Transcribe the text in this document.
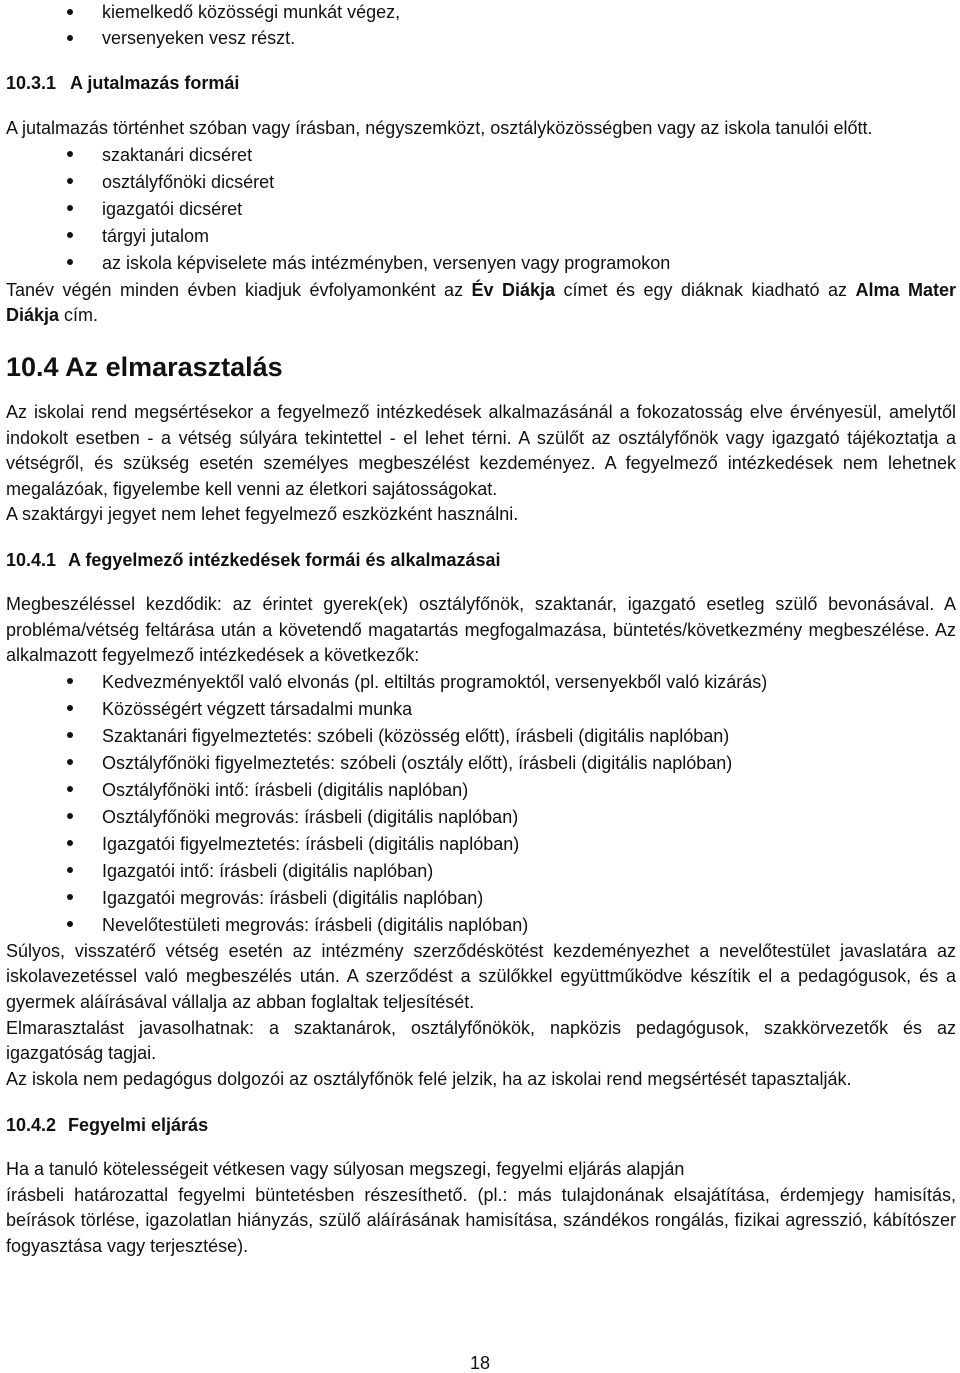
kiemelkedő közösségi munkát végez,
versenyeken vesz részt.
10.3.1 A jutalmazás formái

A jutalmazás történhet szóban vagy írásban, négyszemközt, osztályközösségben vagy az iskola tanulói előtt.

szaktanári dicséret
osztályfőnöki dicséret
igazgatói dicséret
tárgyi jutalom
az iskola képviselete más intézményben, versenyen vagy programokon

Tanév végén minden évben kiadjuk évfolyamonként az Év Diákja címet és egy diáknak kiadható az Alma Mater Diákja cím.

10.4 Az elmarasztalás

Az iskolai rend megsértésekor a fegyelmező intézkedések alkalmazásánál a fokozatosság elve érvényesül, amelytől indokolt esetben - a vétség súlyára tekintettel - el lehet térni. A szülőt az osztályfőnök vagy igazgató tájékoztatja a vétségről, és szükség esetén személyes megbeszélést kezdeményez. A fegyelmező intézkedések nem lehetnek megalázóak, figyelembe kell venni az életkori sajátosságokat.

A szaktárgyi jegyet nem lehet fegyelmező eszközként használni.

10.4.1 A fegyelmező intézkedések formái és alkalmazásai

Megbeszéléssel kezdődik: az érintet gyerek(ek) osztályfőnök, szaktanár, igazgató esetleg szülő bevonásával. A probléma/vétség feltárása után a követendő magatartás megfogalmazása, büntetés/következmény megbeszélése. Az alkalmazott fegyelmező intézkedések a következők:

Kedvezményektől való elvonás (pl. eltiltás programoktól, versenyekből való kizárás)
Közösségért végzett társadalmi munka
Szaktanári figyelmeztetés: szóbeli (közösség előtt), írásbeli (digitális naplóban)
Osztályfőnöki figyelmeztetés: szóbeli (osztály előtt), írásbeli (digitális naplóban)
Osztályfőnöki intő: írásbeli (digitális naplóban)
Osztályfőnöki megrovás: írásbeli (digitális naplóban)
Igazgatói figyelmeztetés: írásbeli (digitális naplóban)
Igazgatói intő: írásbeli (digitális naplóban)
Igazgatói megrovás: írásbeli (digitális naplóban)
Nevelőtestületi megrovás: írásbeli (digitális naplóban)

Súlyos, visszatérő vétség esetén az intézmény szerződéskötést kezdeményezhet a nevelőtestület javaslatára az iskolavezetéssel való megbeszélés után. A szerződést a szülőkkel együttműködve készítik el a pedagógusok, és a gyermek aláírásával vállalja az abban foglaltak teljesítését.

Elmarasztalást javasolhatnak: a szaktanárok, osztályfőnökök, napközis pedagógusok, szakkörvezetők és az igazgatóság tagjai.

Az iskola nem pedagógus dolgozói az osztályfőnök felé jelzik, ha az iskolai rend megsértését tapasztalják.

10.4.2 Fegyelmi eljárás

Ha a tanuló kötelességeit vétkesen vagy súlyosan megszegi, fegyelmi eljárás alapján

írásbeli határozattal fegyelmi büntetésben részesíthető. (pl.: más tulajdonának elsajátítása, érdemjegy hamisítás, beírások törlése, igazolatlan hiányzás, szülő aláírásának hamisítása, szándékos rongálás, fizikai agresszió, kábítószer fogyasztása vagy terjesztése).

18
